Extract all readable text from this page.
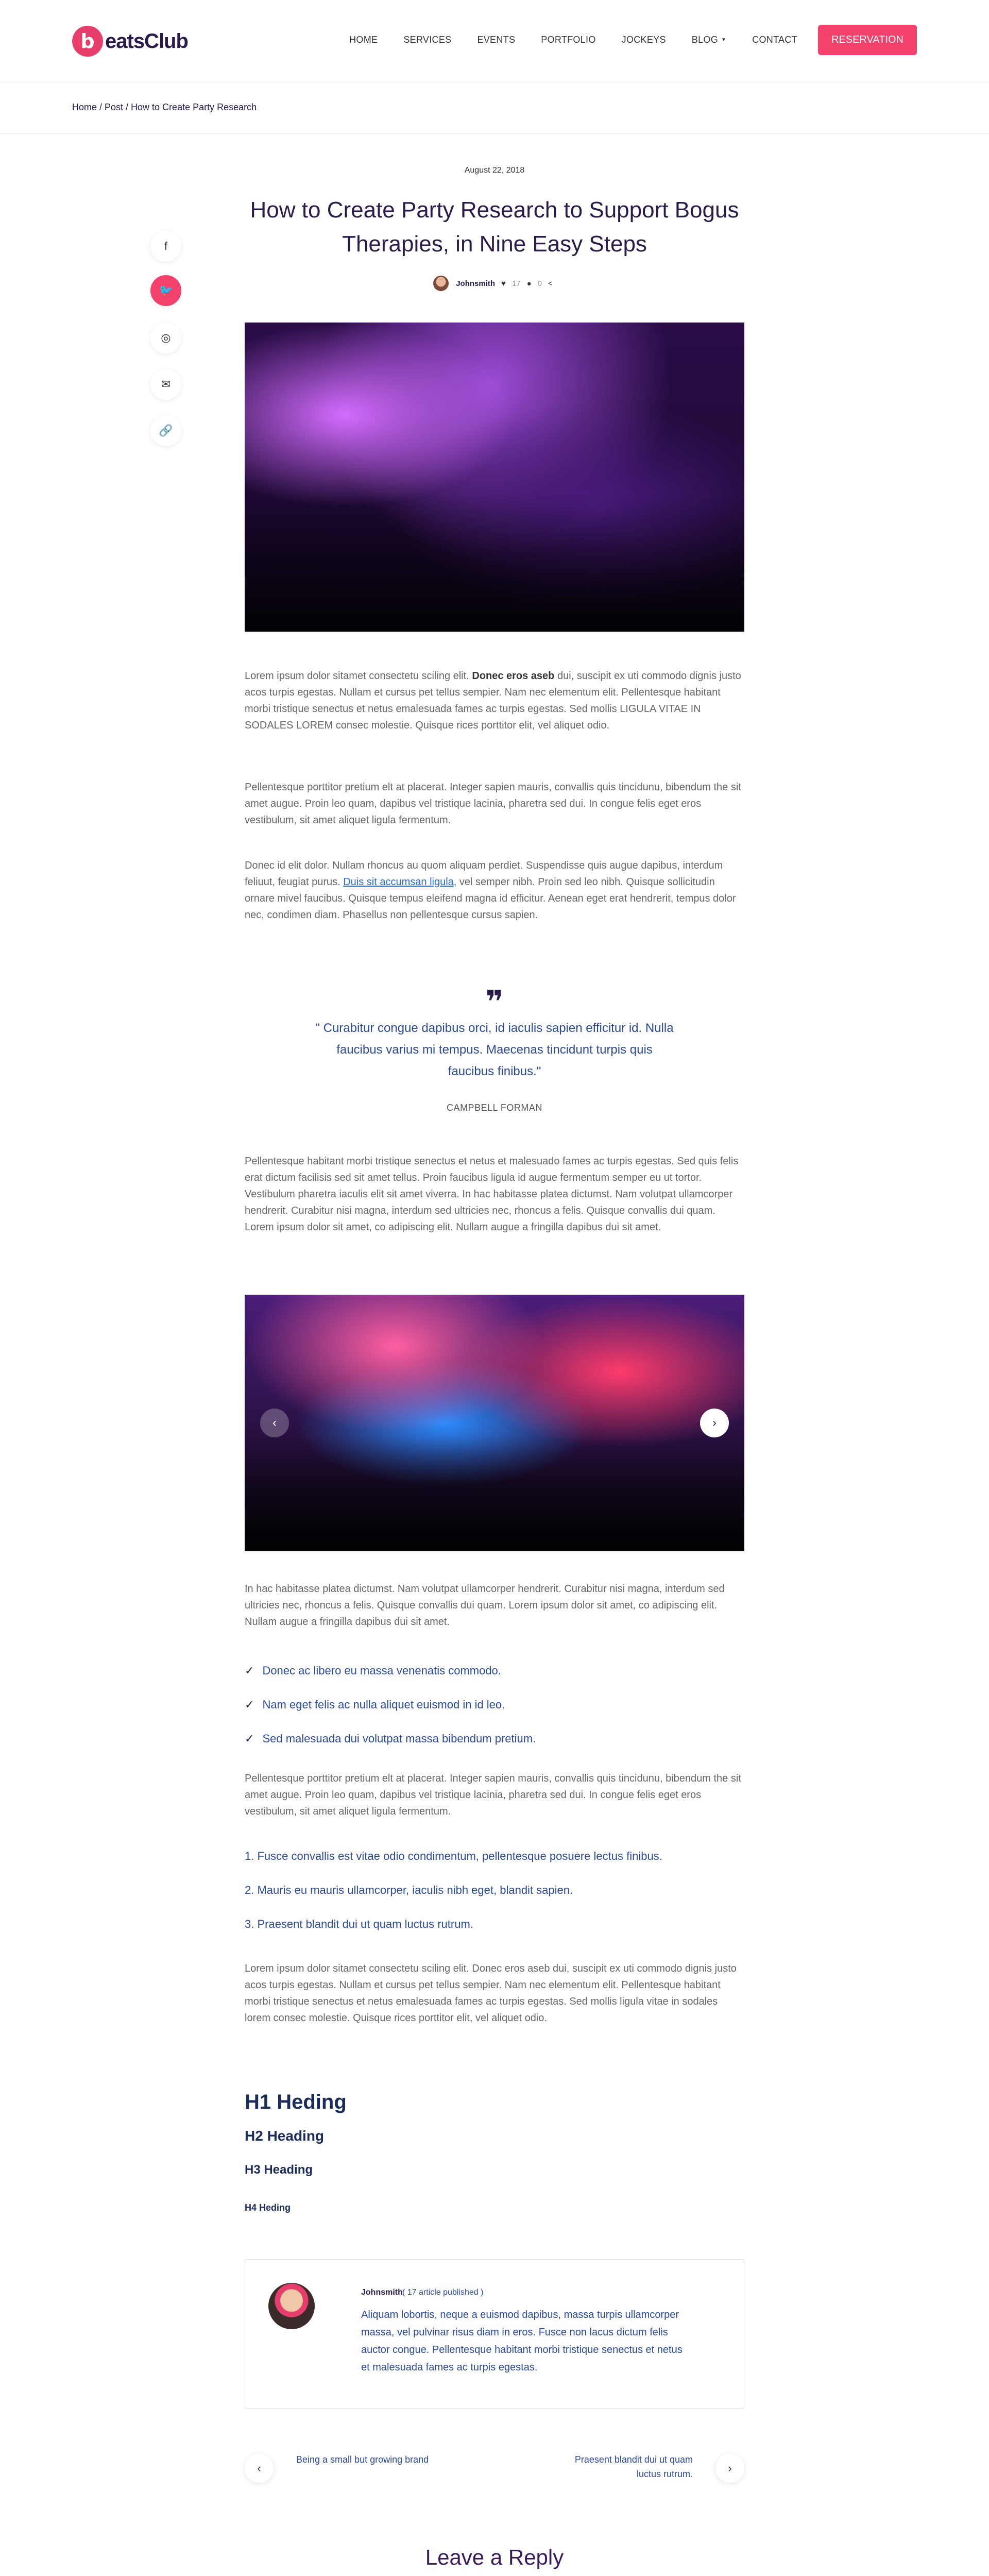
b eatsClub	HOME	SERVICES	EVENTS	PORTFOLIO	JOCKEYS	BLOG ▼	CONTACT	RESERVATION
Home / Post / How to Create Party Research
August 22, 2018
How to Create Party Research to Support Bogus Therapies, in Nine Easy Steps
Johnsmith ♥ 17 ● 0 <
f
🐦
◎
✉
🔗
Lorem ipsum dolor sitamet consectetu sciling elit. Donec eros aseb dui, suscipit ex uti commodo dignis justo acos turpis egestas. Nullam et cursus pet tellus sempier. Nam nec elementum elit. Pellentesque habitant morbi tristique senectus et netus emalesuada fames ac turpis egestas. Sed mollis LIGULA VITAE IN SODALES LOREM consec molestie. Quisque rices porttitor elit, vel aliquet odio.
Pellentesque porttitor pretium elt at placerat. Integer sapien mauris, convallis quis tincidunu, bibendum the sit amet augue. Proin leo quam, dapibus vel tristique lacinia, pharetra sed dui. In congue felis eget eros vestibulum, sit amet aliquet ligula fermentum.
Donec id elit dolor. Nullam rhoncus au quom aliquam perdiet. Suspendisse quis augue dapibus, interdum feliuut, feugiat purus. Duis sit accumsan ligula, vel semper nibh. Proin sed leo nibh. Quisque sollicitudin ornare mivel faucibus. Quisque tempus eleifend magna id efficitur. Aenean eget erat hendrerit, tempus dolor nec, condimen diam. Phasellus non pellentesque cursus sapien.
❞
" Curabitur congue dapibus orci, id iaculis sapien efficitur id. Nulla faucibus varius mi tempus. Maecenas tincidunt turpis quis faucibus finibus."
CAMPBELL FORMAN
Pellentesque habitant morbi tristique senectus et netus et malesuado fames ac turpis egestas. Sed quis felis erat dictum facilisis sed sit amet tellus. Proin faucibus ligula id augue fermentum semper eu ut tortor. Vestibulum pharetra iaculis elit sit amet viverra. In hac habitasse platea dictumst. Nam volutpat ullamcorper hendrerit. Curabitur nisi magna, interdum sed ultricies nec, rhoncus a felis. Quisque convallis dui quam. Lorem ipsum dolor sit amet, co adipiscing elit. Nullam augue a fringilla dapibus dui sit amet.
‹	›
In hac habitasse platea dictumst. Nam volutpat ullamcorper hendrerit. Curabitur nisi magna, interdum sed ultricies nec, rhoncus a felis. Quisque convallis dui quam. Lorem ipsum dolor sit amet, co adipiscing elit. Nullam augue a fringilla dapibus dui sit amet.
✓ Donec ac libero eu massa venenatis commodo.
✓ Nam eget felis ac nulla aliquet euismod in id leo.
✓ Sed malesuada dui volutpat massa bibendum pretium.
Pellentesque porttitor pretium elt at placerat. Integer sapien mauris, convallis quis tincidunu, bibendum the sit amet augue. Proin leo quam, dapibus vel tristique lacinia, pharetra sed dui. In congue felis eget eros vestibulum, sit amet aliquet ligula fermentum.
1. Fusce convallis est vitae odio condimentum, pellentesque posuere lectus finibus.
2. Mauris eu mauris ullamcorper, iaculis nibh eget, blandit sapien.
3. Praesent blandit dui ut quam luctus rutrum.
Lorem ipsum dolor sitamet consectetu sciling elit. Donec eros aseb dui, suscipit ex uti commodo dignis justo acos turpis egestas. Nullam et cursus pet tellus sempier. Nam nec elementum elit. Pellentesque habitant morbi tristique senectus et netus emalesuada fames ac turpis egestas. Sed mollis ligula vitae in sodales lorem consec molestie. Quisque rices porttitor elit, vel aliquet odio.
H1 Heding
H2 Heading
H3 Heading
H4 Heding
Johnsmith ( 17 article published )
Aliquam lobortis, neque a euismod dapibus, massa turpis ullamcorper massa, vel pulvinar risus diam in eros. Fusce non lacus dictum felis auctor congue. Pellentesque habitant morbi tristique senectus et netus et malesuada fames ac turpis egestas.
‹
Being a small but growing brand	Praesent blandit dui ut quam luctus rutrum.	›
Leave a Reply
